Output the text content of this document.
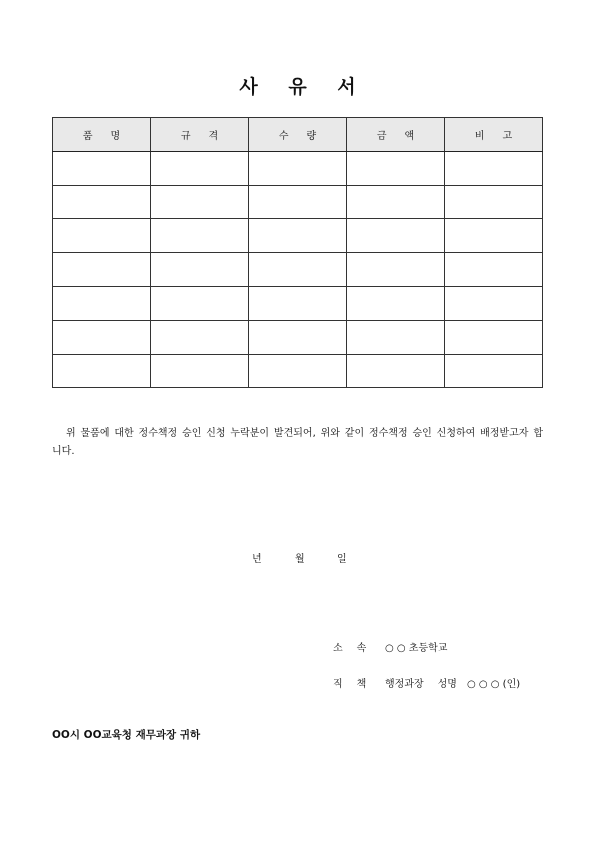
사 유 서
품명	규격	수량	금액	비고

위 물품에 대한 정수책정 승인 신청 누락분이 발견되어, 위와 같이 정수책정 승인 신청하여 배정받고자 합니다.
년	월	일
소속 ○ ○ 초등학교
직책 행정과장 성명 ○ ○ ○ (인)
OO시 OO교육청 재무과장 귀하
